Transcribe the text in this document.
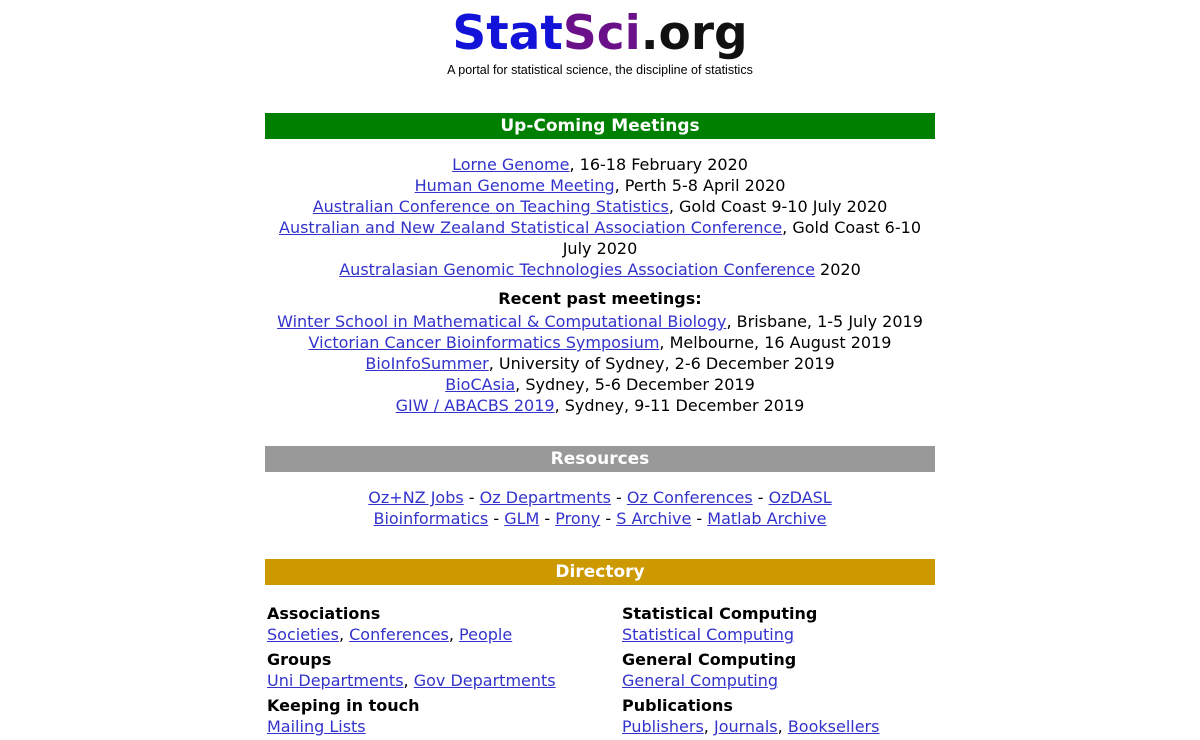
StatSci.org
A portal for statistical science, the discipline of statistics
Up-Coming Meetings
Lorne Genome, 16-18 February 2020
Human Genome Meeting, Perth 5-8 April 2020
Australian Conference on Teaching Statistics, Gold Coast 9-10 July 2020
Australian and New Zealand Statistical Association Conference, Gold Coast 6-10 July 2020
Australasian Genomic Technologies Association Conference 2020
Recent past meetings:
Winter School in Mathematical & Computational Biology, Brisbane, 1-5 July 2019
Victorian Cancer Bioinformatics Symposium, Melbourne, 16 August 2019
BioInfoSummer, University of Sydney, 2-6 December 2019
BioCAsia, Sydney, 5-6 December 2019
GIW / ABACBS 2019, Sydney, 9-11 December 2019
Resources
Oz+NZ Jobs - Oz Departments - Oz Conferences - OzDASL
Bioinformatics - GLM - Prony - S Archive - Matlab Archive
Directory
Associations
Societies, Conferences, People
Groups
Uni Departments, Gov Departments
Keeping in touch
Mailing Lists
Statistical Computing
Statistical Computing
General Computing
General Computing
Publications
Publishers, Journals, Booksellers
